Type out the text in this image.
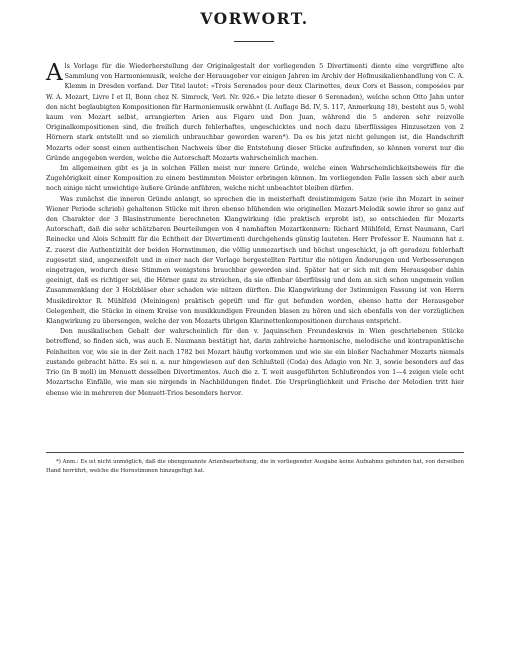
VORWORT.

Als Vorlage für die Wiederherstellung der Originalgestalt der vorliegenden 5 Divertimenti diente eine vergriffene alte Sammlung von Harmoniemusik, welche der Herausgeber vor einigen Jahren im Archiv der Hofmusikalienhandlung von C. A. Klemm in Dresden vorfand. Der Titel lautet: »Trois Serenades pour deux Clarinettes, deux Cors et Basson, composées par W. A. Mozart, Livre I et II, Bonn chez N. Simrock, Verl. Nr. 926.« Die letzte dieser 6 Serenaden), welche schon Otto Jahn unter den nicht beglaubigten Kompositionen für Harmoniemusik erwähnt (I. Auflage Bd. IV, S. 117, Anmerkung 18), besteht aus 5, wohl kaum von Mozart selbst, arrangierten Arien aus Figaro und Don Juan, während die 5 anderen sehr reizvolle Originalkompositionen sind, die freilich durch fehlerhaftes, ungeschicktes und noch dazu überflüssiges Hinzusetzen von 2 Hörnern stark entstellt und so ziemlich unbrauchbar geworden waren*). Da es bis jetzt nicht gelungen ist, die Handschrift Mozarts oder sonst einen authentischen Nachweis über die Entstehung dieser Stücke aufzufinden, so können vorerst nur die Gründe angegeben werden, welche die Autorschaft Mozarts wahrscheinlich machen.

Im allgemeinen gibt es ja in solchen Fällen meist nur innere Gründe, welche einen Wahrscheinlichkeitsbeweis für die Zugehörigkeit einer Komposition zu einem bestimmten Meister erbringen können. Im vorliegenden Falle lassen sich aber auch noch einige nicht unwichtige äußere Gründe anführen, welche nicht unbeachtet bleiben dürfen.

Was zunächst die inneren Gründe anlangt, so sprechen die in meisterhaft dreistimmigem Satze (wie ihn Mozart in seiner Wiener Periode schrieb) gehaltenen Stücke mit ihren ebenso blühenden wie originellen Mozart-Melodik sowie ihrer so ganz auf den Charakter der 3 Blasinstrumente berechneten Klangwirkung (die praktisch erprobt ist), so entschieden für Mozarts Autorschaft, daß die sehr schätzbaren Beurteilungen von 4 namhaften Mozartkennern: Richard Mühlfeld, Ernst Naumann, Carl Reinecke und Alois Schmitt für die Echtheit der Divertimenti durchgehends günstig lauteten. Herr Professor E. Naumann hat z. Z. zuerst die Authentizität der beiden Hornstimmen, die völlig unmozartisch und höchst ungeschickt, ja oft geradezu fehlerhaft zugesetzt sind, angezweifelt und in einer nach der Vorlage hergestellten Partitur die nötigen Änderungen und Verbesserungen eingetragen, wodurch diese Stimmen wenigstens brauchbar geworden sind. Später hat er sich mit dem Herausgeber dahin geeinigt, daß es richtiger sei, die Hörner ganz zu streichen, da sie offenbar überflüssig und dem an sich schon ungemein vollen Zusammenklang der 3 Holzbläser eher schaden wie nützen dürften. Die Klangwirkung der 3stimmigen Fassung ist von Herrn Musikdirektor R. Mühlfeld (Meiningen) praktisch geprüft und für gut befunden worden, ebenso hatte der Herausgeber Gelegenheit, die Stücke in einem Kreise von musikkundigen Freunden blasen zu hören und sich ebenfalls von der vorzüglichen Klangwirkung zu übersengen, welche der von Mozarts übrigen Klarinettenkompositionen durchaus entspricht.

Den musikalischen Gehalt der wahrscheinlich für den v. Jaquinschen Freundeskreis in Wien geschriebenen Stücke betreffend, so finden sich, was auch E. Naumann bestätigt hat, darin zahlreiche harmonische, melodische und kontrapunktische Feinheiten vor, wie sie in der Zeit nach 1782 bei Mozart häufig vorkommen und wie sie ein bloßer Nachahmer Mozarts niemals zustande gebracht hätte. Es sei n. a. nur hingewiesen auf den Schlußteil (Coda) des Adagio von Nr. 3, sowie besonders auf das Trio (in B moll) im Menuett desselben Divertimentos. Auch die z. T. weit ausgeführten Schlußrondos von 1—4 zeigen viele echt Mozartsche Einfälle, wie man sie nirgends in Nachbildungen findet. Die Ursprünglichkeit und Frische der Melodien tritt hier ebenso wie in mehreren der Menuett-Trios besonders hervor.

*) Anm.: Es ist nicht unmöglich, daß die obengenannte Arienbearbeitung, die in vorliegender Ausgabe keine Aufnahme gefunden hat, von derselben Hand herrührt, welche die Hornstimmen hinzugefügt hat.
